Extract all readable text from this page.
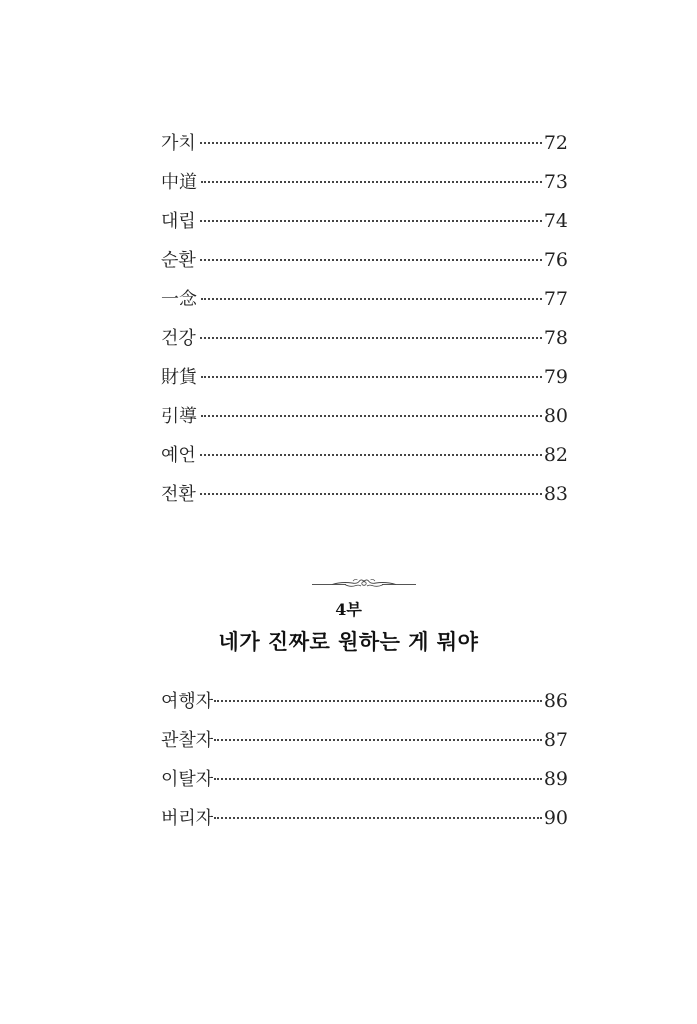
가치	72
中道	73
대립	74
순환	76
一念	77
건강	78
財貨	79
引導	80
예언	82
전환	83
4부
네가 진짜로 원하는 게 뭐야
여행자	86
관찰자	87
이탈자	89
버리자	90
